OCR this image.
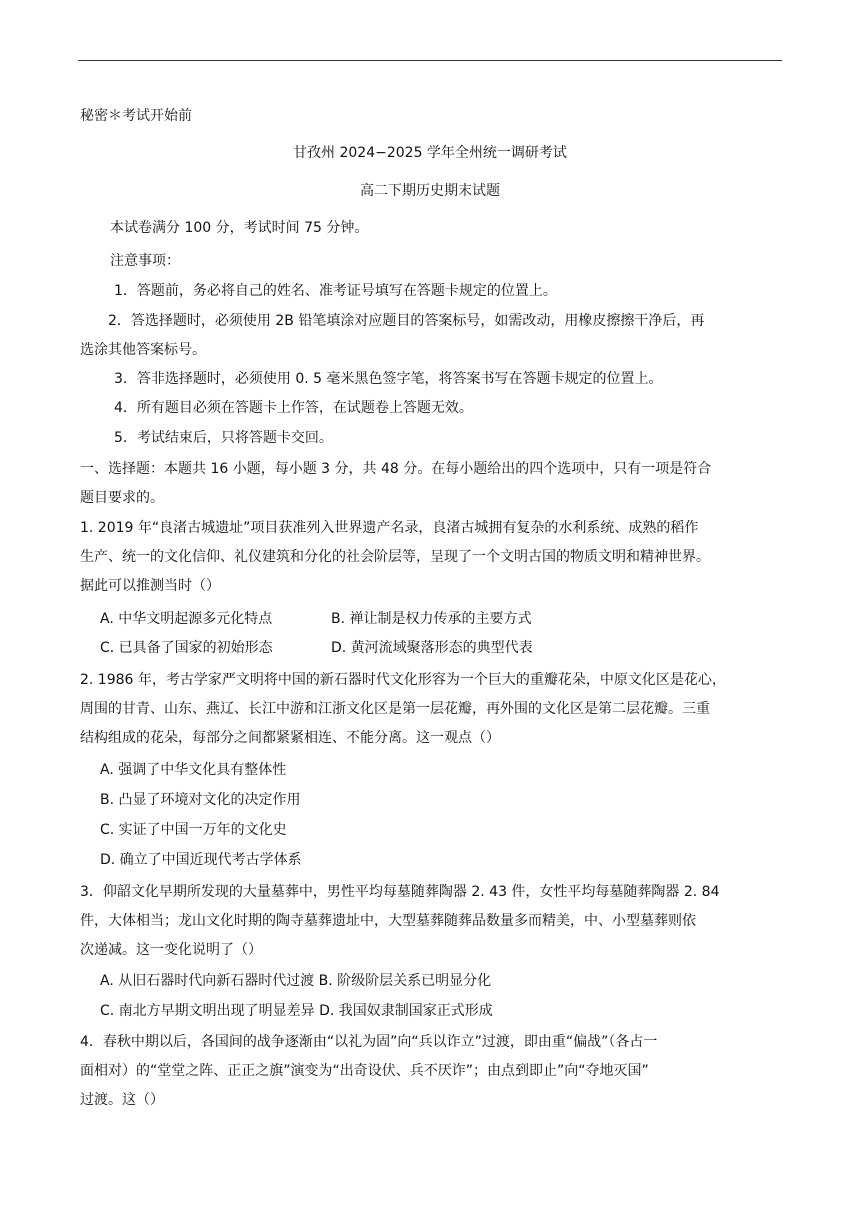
秘密＊考试开始前
甘孜州 2024−2025 学年全州统一调研考试
高二下期历史期末试题
本试卷满分 100 分，考试时间 75 分钟。
注意事项：
1．答题前，务必将自己的姓名、准考证号填写在答题卡规定的位置上。
2．答选择题时，必须使用 2B 铅笔填涂对应题目的答案标号，如需改动，用橡皮擦擦干净后，再
选涂其他答案标号。
3．答非选择题时，必须使用 0. 5 毫米黑色签字笔，将答案书写在答题卡规定的位置上。
4．所有题目必须在答题卡上作答，在试题卷上答题无效。
5．考试结束后，只将答题卡交回。
一、选择题：本题共 16 小题，每小题 3 分，共 48 分。在每小题给出的四个选项中，只有一项是符合
题目要求的。
1. 2019 年“良渚古城遗址”项目获准列入世界遗产名录，良渚古城拥有复杂的水利系统、成熟的稻作
生产、统一的文化信仰、礼仪建筑和分化的社会阶层等，呈现了一个文明古国的物质文明和精神世界。
据此可以推测当时（）
A. 中华文明起源多元化特点	B. 禅让制是权力传承的主要方式
C. 已具备了国家的初始形态	D. 黄河流域聚落形态的典型代表
2. 1986 年，考古学家严文明将中国的新石器时代文化形容为一个巨大的重瓣花朵，中原文化区是花心，
周围的甘青、山东、燕辽、长江中游和江浙文化区是第一层花瓣，再外围的文化区是第二层花瓣。三重
结构组成的花朵，每部分之间都紧紧相连、不能分离。这一观点（）
A. 强调了中华文化具有整体性
B. 凸显了环境对文化的决定作用
C. 实证了中国一万年的文化史
D. 确立了中国近现代考古学体系
3．仰韶文化早期所发现的大量墓葬中，男性平均每墓随葬陶器 2. 43 件，女性平均每墓随葬陶器 2. 84
件，大体相当；龙山文化时期的陶寺墓葬遗址中，大型墓葬随葬品数量多而精美，中、小型墓葬则依
次递减。这一变化说明了（）
A. 从旧石器时代向新石器时代过渡 B. 阶级阶层关系已明显分化
C. 南北方早期文明出现了明显差异 D. 我国奴隶制国家正式形成
4．春秋中期以后，各国间的战争逐渐由“以礼为固”向“兵以诈立”过渡，即由重“偏战”（各占一
面相对）的“堂堂之阵、正正之旗”演变为“出奇设伏、兵不厌诈”；由点到即止”向“夺地灭国”
过渡。这（）
